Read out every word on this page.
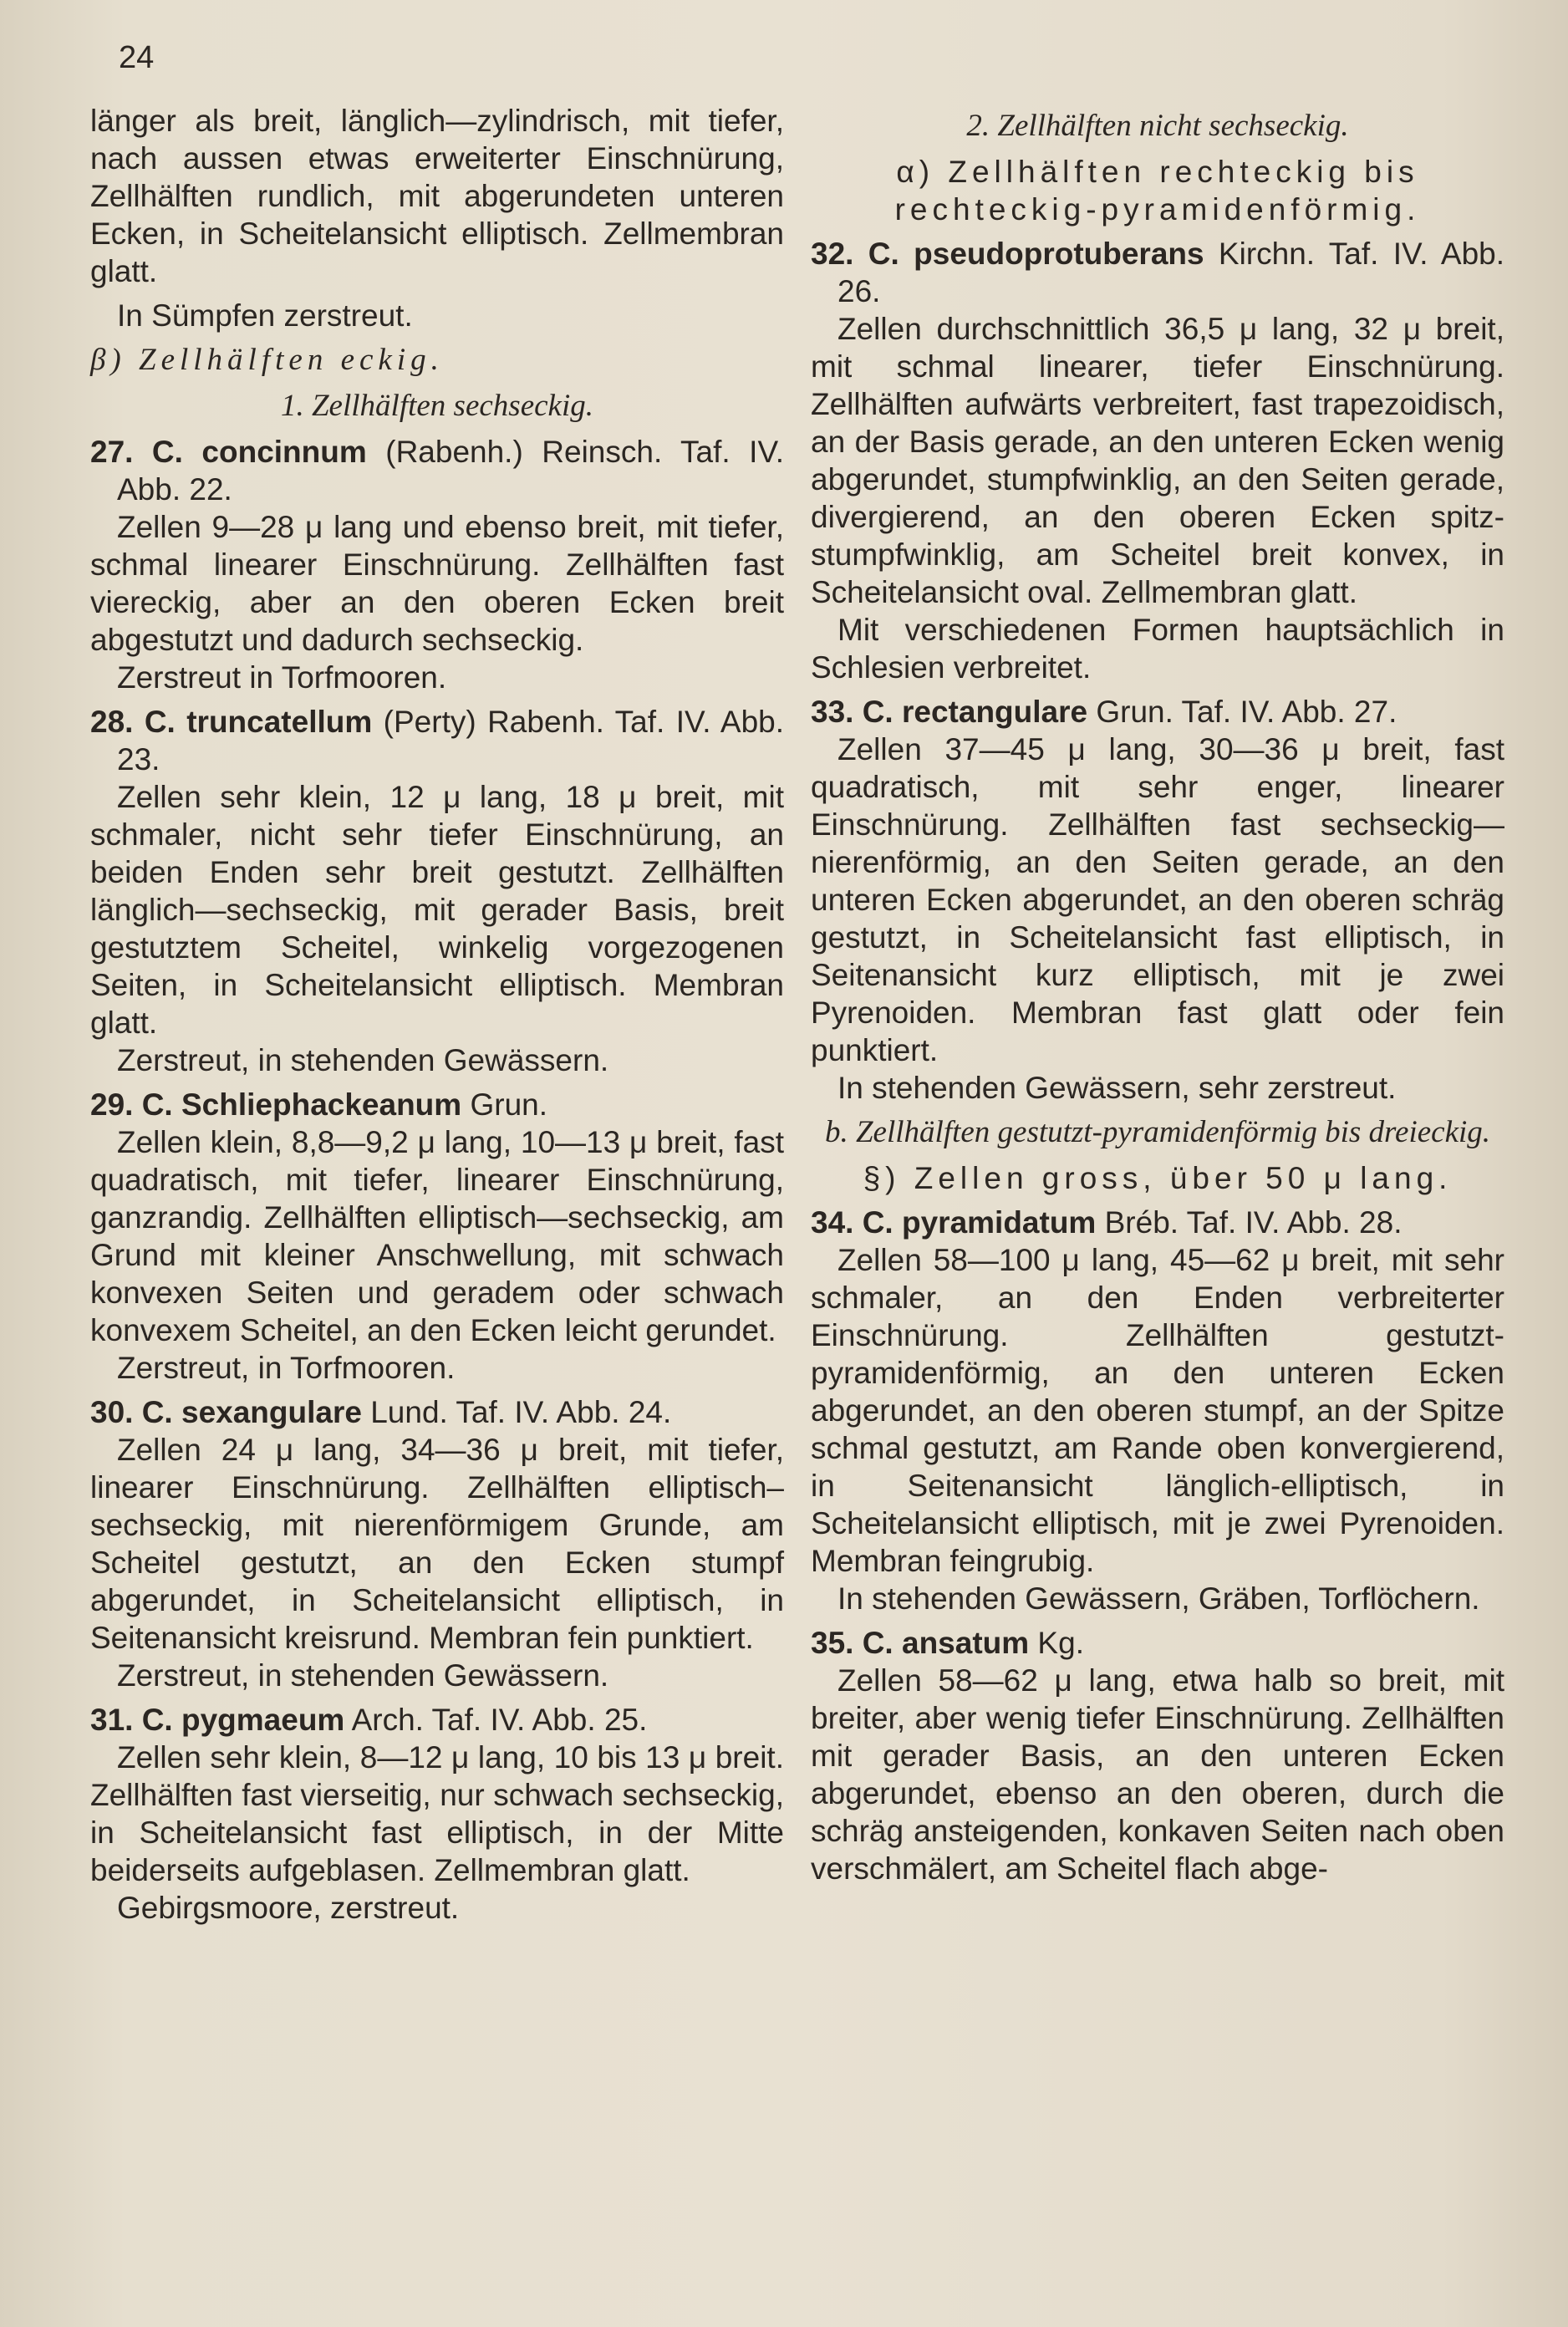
24

länger als breit, länglich—zylindrisch, mit tiefer, nach aussen etwas erweiterter Einschnürung, Zellhälften rundlich, mit abgerundeten unteren Ecken, in Scheitelansicht elliptisch. Zellmembran glatt.

In Sümpfen zerstreut.

β) Zellhälften eckig.

1. Zellhälften sechseckig.

27. C. concinnum (Rabenh.) Reinsch. Taf. IV. Abb. 22.

Zellen 9—28 μ lang und ebenso breit, mit tiefer, schmal linearer Einschnürung. Zellhälften fast viereckig, aber an den oberen Ecken breit abgestutzt und dadurch sechseckig.

Zerstreut in Torfmooren.

28. C. truncatellum (Perty) Rabenh. Taf. IV. Abb. 23.

Zellen sehr klein, 12 μ lang, 18 μ breit, mit schmaler, nicht sehr tiefer Einschnürung, an beiden Enden sehr breit gestutzt. Zellhälften länglich—sechseckig, mit gerader Basis, breit gestutztem Scheitel, winkelig vorgezogenen Seiten, in Scheitelansicht elliptisch. Membran glatt.

Zerstreut, in stehenden Gewässern.

29. C. Schliephackeanum Grun.

Zellen klein, 8,8—9,2 μ lang, 10—13 μ breit, fast quadratisch, mit tiefer, linearer Einschnürung, ganzrandig. Zellhälften elliptisch—sechseckig, am Grund mit kleiner Anschwellung, mit schwach konvexen Seiten und geradem oder schwach konvexem Scheitel, an den Ecken leicht gerundet.

Zerstreut, in Torfmooren.

30. C. sexangulare Lund. Taf. IV. Abb. 24.

Zellen 24 μ lang, 34—36 μ breit, mit tiefer, linearer Einschnürung. Zellhälften elliptisch–sechseckig, mit nierenförmigem Grunde, am Scheitel gestutzt, an den Ecken stumpf abgerundet, in Scheitelansicht elliptisch, in Seitenansicht kreisrund. Membran fein punktiert.

Zerstreut, in stehenden Gewässern.

31. C. pygmaeum Arch. Taf. IV. Abb. 25.

Zellen sehr klein, 8—12 μ lang, 10 bis 13 μ breit. Zellhälften fast vierseitig, nur schwach sechseckig, in Scheitelansicht fast elliptisch, in der Mitte beiderseits aufgeblasen. Zellmembran glatt.

Gebirgsmoore, zerstreut.

2. Zellhälften nicht sechseckig.

α) Zellhälften rechteckig bis rechteckig-pyramidenförmig.

32. C. pseudoprotuberans Kirchn. Taf. IV. Abb. 26.

Zellen durchschnittlich 36,5 μ lang, 32 μ breit, mit schmal linearer, tiefer Einschnürung. Zellhälften aufwärts verbreitert, fast trapezoidisch, an der Basis gerade, an den unteren Ecken wenig abgerundet, stumpfwinklig, an den Seiten gerade, divergierend, an den oberen Ecken spitz-stumpfwinklig, am Scheitel breit konvex, in Scheitelansicht oval. Zellmembran glatt.

Mit verschiedenen Formen hauptsächlich in Schlesien verbreitet.

33. C. rectangulare Grun. Taf. IV. Abb. 27.

Zellen 37—45 μ lang, 30—36 μ breit, fast quadratisch, mit sehr enger, linearer Einschnürung. Zellhälften fast sechseckig—nierenförmig, an den Seiten gerade, an den unteren Ecken abgerundet, an den oberen schräg gestutzt, in Scheitelansicht fast elliptisch, in Seitenansicht kurz elliptisch, mit je zwei Pyrenoiden. Membran fast glatt oder fein punktiert.

In stehenden Gewässern, sehr zerstreut.

b. Zellhälften gestutzt-pyramidenförmig bis dreieckig.

§) Zellen gross, über 50 μ lang.

34. C. pyramidatum Bréb. Taf. IV. Abb. 28.

Zellen 58—100 μ lang, 45—62 μ breit, mit sehr schmaler, an den Enden verbreiterter Einschnürung. Zellhälften gestutzt-pyramidenförmig, an den unteren Ecken abgerundet, an den oberen stumpf, an der Spitze schmal gestutzt, am Rande oben konvergierend, in Seitenansicht länglich-elliptisch, in Scheitelansicht elliptisch, mit je zwei Pyrenoiden. Membran feingrubig.

In stehenden Gewässern, Gräben, Torflöchern.

35. C. ansatum Kg.

Zellen 58—62 μ lang, etwa halb so breit, mit breiter, aber wenig tiefer Einschnürung. Zellhälften mit gerader Basis, an den unteren Ecken abgerundet, ebenso an den oberen, durch die schräg ansteigenden, konkaven Seiten nach oben verschmälert, am Scheitel flach abge-
